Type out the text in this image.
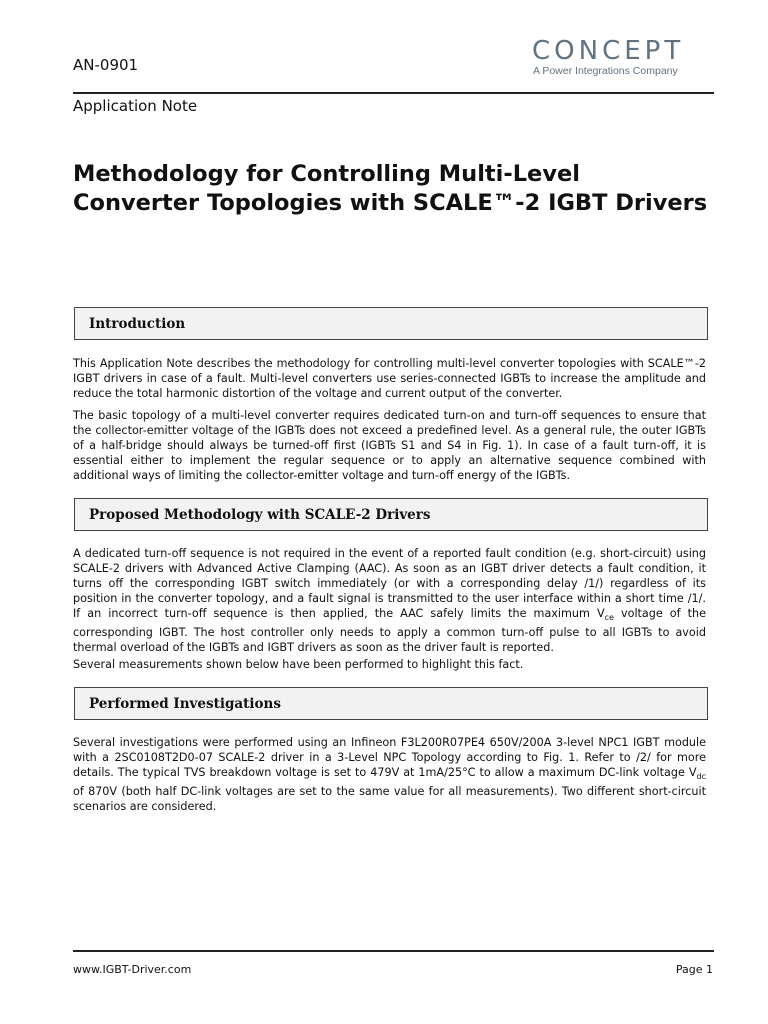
AN-0901	CONCEPT
A Power Integrations Company
Application Note
Methodology for Controlling Multi-Level Converter Topologies with SCALE™-2 IGBT Drivers
Introduction

This Application Note describes the methodology for controlling multi-level converter topologies with SCALE™-2 IGBT drivers in case of a fault. Multi-level converters use series-connected IGBTs to increase the amplitude and reduce the total harmonic distortion of the voltage and current output of the converter.

The basic topology of a multi-level converter requires dedicated turn-on and turn-off sequences to ensure that the collector-emitter voltage of the IGBTs does not exceed a predefined level. As a general rule, the outer IGBTs of a half-bridge should always be turned-off first (IGBTs S1 and S4 in Fig. 1). In case of a fault turn-off, it is essential either to implement the regular sequence or to apply an alternative sequence combined with additional ways of limiting the collector-emitter voltage and turn-off energy of the IGBTs.

Proposed Methodology with SCALE-2 Drivers

A dedicated turn-off sequence is not required in the event of a reported fault condition (e.g. short-circuit) using SCALE-2 drivers with Advanced Active Clamping (AAC). As soon as an IGBT driver detects a fault condition, it turns off the corresponding IGBT switch immediately (or with a corresponding delay /1/) regardless of its position in the converter topology, and a fault signal is transmitted to the user interface within a short time /1/. If an incorrect turn-off sequence is then applied, the AAC safely limits the maximum $V_{ce}$ voltage of the corresponding IGBT. The host controller only needs to apply a common turn-off pulse to all IGBTs to avoid thermal overload of the IGBTs and IGBT drivers as soon as the driver fault is reported.

Several measurements shown below have been performed to highlight this fact.

Performed Investigations

Several investigations were performed using an Infineon F3L200R07PE4 650V/200A 3-level NPC1 IGBT module with a 2SC0108T2D0-07 SCALE-2 driver in a 3-Level NPC Topology according to Fig. 1. Refer to /2/ for more details. The typical TVS breakdown voltage is set to 479V at 1mA/25°C to allow a maximum DC-link voltage $V_{dc}$ of 870V (both half DC-link voltages are set to the same value for all measurements). Two different short-circuit scenarios are considered.

www.IGBT-Driver.com	Page 1
